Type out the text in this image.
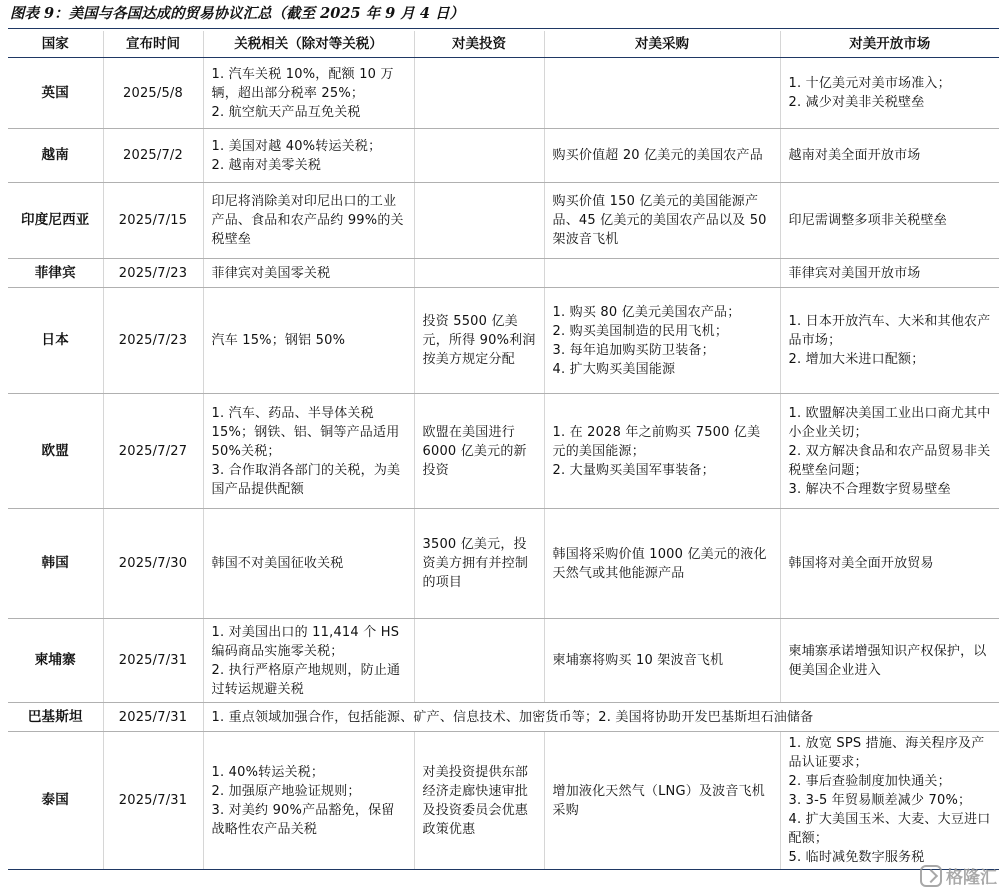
图表 9：美国与各国达成的贸易协议汇总（截至 2025 年 9 月 4 日）
国家	宣布时间	关税相关（除对等关税）	对美投资	对美采购	对美开放市场
英国	2025/5/8	1. 汽车关税 10%，配额 10 万辆，超出部分税率 25%；
2. 航空航天产品互免关税			1. 十亿美元对美市场准入；
2. 减少对美非关税壁垒

越南	2025/7/2	1. 美国对越 40%转运关税；
2. 越南对美零关税		购买价值超 20 亿美元的美国农产品	越南对美全面开放市场

印度尼西亚	2025/7/15	印尼将消除美对印尼出口的工业产品、食品和农产品约 99%的关税壁垒		购买价值 150 亿美元的美国能源产品、45 亿美元的美国农产品以及 50 架波音飞机	印尼需调整多项非关税壁垒

菲律宾	2025/7/23	菲律宾对美国零关税			菲律宾对美国开放市场

日本	2025/7/23	汽车 15%；钢铝 50%	投资 5500 亿美元，所得 90%利润按美方规定分配	1. 购买 80 亿美元美国农产品；
2. 购买美国制造的民用飞机；
3. 每年追加购买防卫装备；
4. 扩大购买美国能源	1. 日本开放汽车、大米和其他农产品市场；
2. 增加大米进口配额；

欧盟	2025/7/27	1. 汽车、药品、半导体关税 15%；钢铁、铝、铜等产品适用 50%关税；
3. 合作取消各部门的关税，为美国产品提供配额	欧盟在美国进行 6000 亿美元的新投资	1. 在 2028 年之前购买 7500 亿美元的美国能源；
2. 大量购买美国军事装备；	1. 欧盟解决美国工业出口商尤其中小企业关切；
2. 双方解决食品和农产品贸易非关税壁垒问题；
3. 解决不合理数字贸易壁垒

韩国	2025/7/30	韩国不对美国征收关税	3500 亿美元，投资美方拥有并控制的项目	韩国将采购价值 1000 亿美元的液化天然气或其他能源产品	韩国将对美全面开放贸易

柬埔寨	2025/7/31	1. 对美国出口的 11,414 个 HS 编码商品实施零关税；
2. 执行严格原产地规则，防止通过转运规避关税		柬埔寨将购买 10 架波音飞机	柬埔寨承诺增强知识产权保护，以便美国企业进入

巴基斯坦	2025/7/31	1. 重点领域加强合作，包括能源、矿产、信息技术、加密货币等；2. 美国将协助开发巴基斯坦石油储备			
泰国	2025/7/31	1. 40%转运关税；
2. 加强原产地验证规则；
3. 对美约 90%产品豁免，保留战略性农产品关税	对美投资提供东部经济走廊快速审批及投资委员会优惠政策优惠	增加液化天然气（LNG）及波音飞机采购	1. 放宽 SPS 措施、海关程序及产品认证要求；
2. 事后查验制度加快通关；
3. 3-5 年贸易顺差减少 70%；
4. 扩大美国玉米、大麦、大豆进口配额；
5. 临时减免数字服务税
格隆汇
